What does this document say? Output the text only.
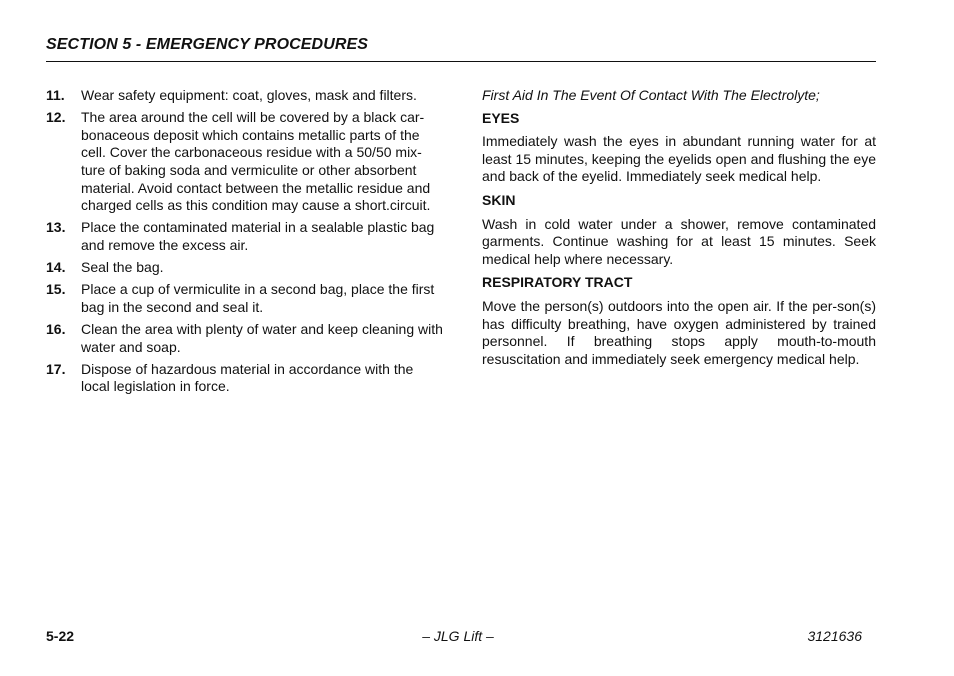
SECTION 5 - EMERGENCY PROCEDURES
11.	Wear safety equipment: coat, gloves, mask and filters.
12.	The area around the cell will be covered by a black car-bonaceous deposit which contains metallic parts of the cell. Cover the carbonaceous residue with a 50/50 mix-ture of baking soda and vermiculite or other absorbent material. Avoid contact between the metallic residue and charged cells as this condition may cause a short.circuit.
13.	Place the contaminated material in a sealable plastic bag and remove the excess air.
14.	Seal the bag.
15.	Place a cup of vermiculite in a second bag, place the first bag in the second and seal it.
16.	Clean the area with plenty of water and keep cleaning with water and soap.
17.	Dispose of hazardous material in accordance with the local legislation in force.
First Aid In The Event Of Contact With The Electrolyte;
EYES
Immediately wash the eyes in abundant running water for at least 15 minutes, keeping the eyelids open and flushing the eye and back of the eyelid. Immediately seek medical help.
SKIN
Wash in cold water under a shower, remove contaminated garments. Continue washing for at least 15 minutes. Seek medical help where necessary.
RESPIRATORY TRACT
Move the person(s) outdoors into the open air. If the per-son(s) has difficulty breathing, have oxygen administered by trained personnel. If breathing stops apply mouth-to-mouth resuscitation and immediately seek emergency medical help.
5-22	– JLG Lift –	3121636
